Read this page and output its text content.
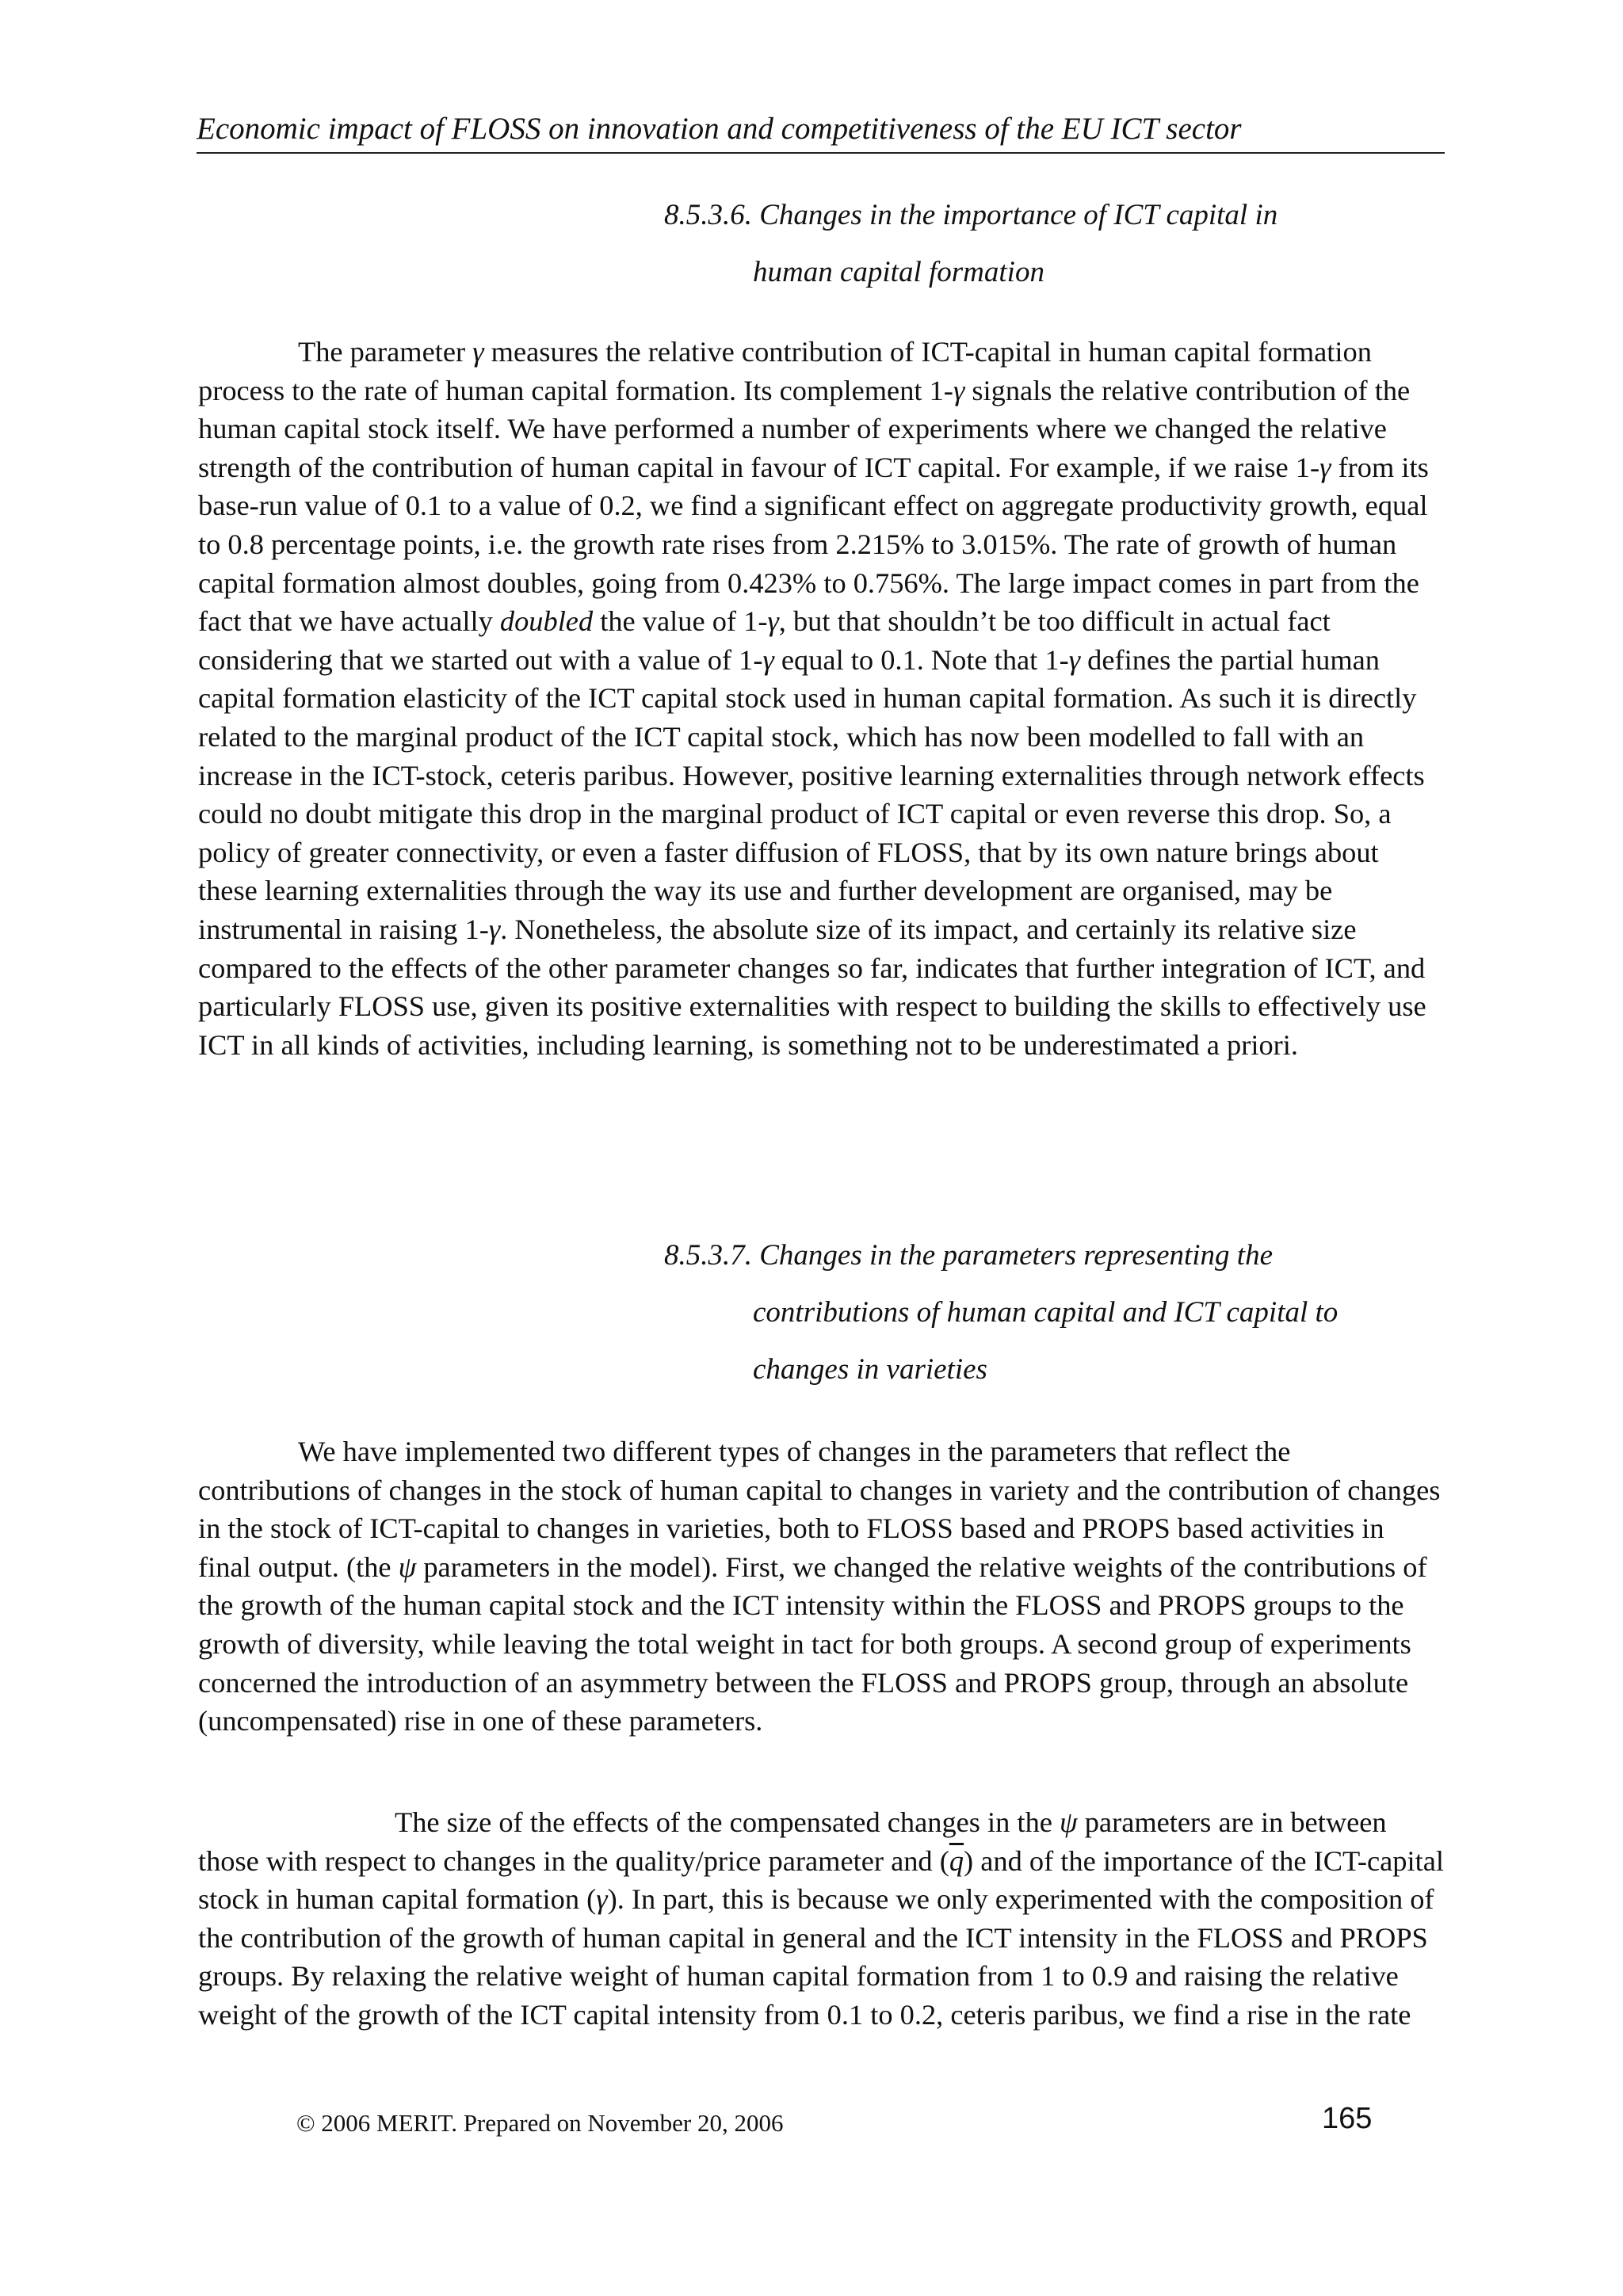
Economic impact of FLOSS on innovation and competitiveness of the EU ICT sector
8.5.3.6. Changes in the importance of ICT capital in
human capital formation

The parameter γ measures the relative contribution of ICT-capital in human capital formation process to the rate of human capital formation. Its complement 1-γ signals the relative contribution of the human capital stock itself. We have performed a number of experiments where we changed the relative strength of the contribution of human capital in favour of ICT capital. For example, if we raise 1-γ from its base-run value of 0.1 to a value of 0.2, we find a significant effect on aggregate productivity growth, equal to 0.8 percentage points, i.e. the growth rate rises from 2.215% to 3.015%. The rate of growth of human capital formation almost doubles, going from 0.423% to 0.756%. The large impact comes in part from the fact that we have actually doubled the value of 1-γ, but that shouldn’t be too difficult in actual fact considering that we started out with a value of 1-γ equal to 0.1. Note that 1-γ defines the partial human capital formation elasticity of the ICT capital stock used in human capital formation. As such it is directly related to the marginal product of the ICT capital stock, which has now been modelled to fall with an increase in the ICT-stock, ceteris paribus. However, positive learning externalities through network effects could no doubt mitigate this drop in the marginal product of ICT capital or even reverse this drop. So, a policy of greater connectivity, or even a faster diffusion of FLOSS, that by its own nature brings about these learning externalities through the way its use and further development are organised, may be instrumental in raising 1-γ. Nonetheless, the absolute size of its impact, and certainly its relative size compared to the effects of the other parameter changes so far, indicates that further integration of ICT, and particularly FLOSS use, given its positive externalities with respect to building the skills to effectively use ICT in all kinds of activities, including learning, is something not to be underestimated a priori.

8.5.3.7. Changes in the parameters representing the
contributions of human capital and ICT capital to
changes in varieties

We have implemented two different types of changes in the parameters that reflect the contributions of changes in the stock of human capital to changes in variety and the contribution of changes in the stock of ICT-capital to changes in varieties, both to FLOSS based and PROPS based activities in final output. (the ψ parameters in the model). First, we changed the relative weights of the contributions of the growth of the human capital stock and the ICT intensity within the FLOSS and PROPS groups to the growth of diversity, while leaving the total weight in tact for both groups. A second group of experiments concerned the introduction of an asymmetry between the FLOSS and PROPS group, through an absolute (uncompensated) rise in one of these parameters.

The size of the effects of the compensated changes in the ψ parameters are in between those with respect to changes in the quality/price parameter and $(\overline{q})$ and of the importance of the ICT-capital stock in human capital formation (γ). In part, this is because we only experimented with the composition of the contribution of the growth of human capital in general and the ICT intensity in the FLOSS and PROPS groups. By relaxing the relative weight of human capital formation from 1 to 0.9 and raising the relative weight of the growth of the ICT capital intensity from 0.1 to 0.2, ceteris paribus, we find a rise in the rate

© 2006 MERIT. Prepared on November 20, 2006	165
